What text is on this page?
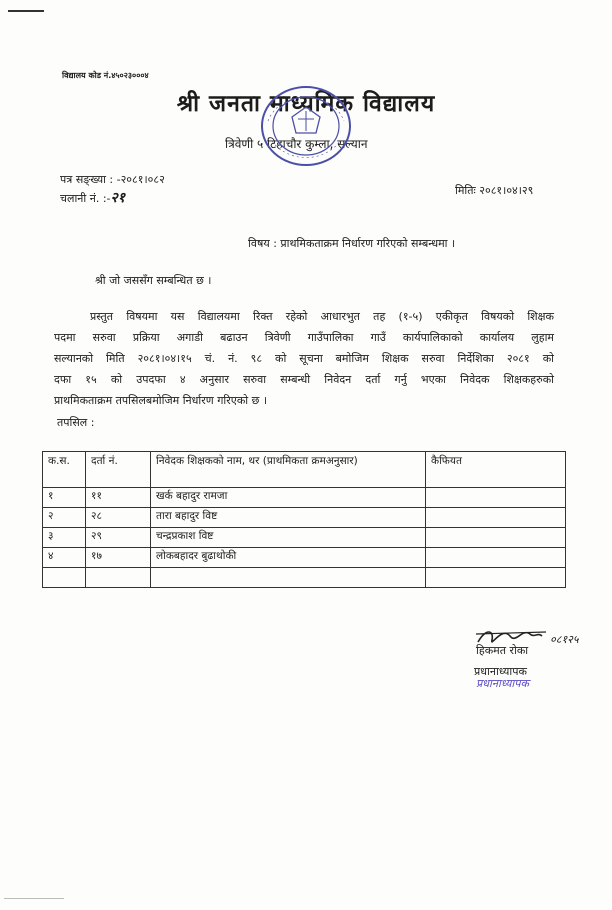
विद्यालय कोड नं.४५०२३०००४
श्री जनता माध्यमिक विद्यालय
त्रिवेणी ५ टिहाचौर कुम्ला, सल्यान
पत्र सङ्ख्या : -२०८१।०८२
चलानी नं. :-२१	मितिः २०८१।०४।२९
विषय : प्राथमिकताक्रम निर्धारण गरिएको सम्बन्धमा ।
श्री जो जससँग सम्बन्धित छ ।
प्रस्तुत विषयमा यस विद्यालयमा रिक्त रहेको आधारभुत तह (१-५) एकीकृत विषयको शिक्षक
पदमा सरुवा प्रक्रिया अगाडी बढाउन त्रिवेणी गाउँपालिका गाउँ कार्यपालिकाको कार्यालय लुहाम
सल्यानको मिति २०८१।०४।१५ चं. नं. ९८ को सूचना बमोजिम शिक्षक सरुवा निर्देशिका २०८१ को
दफा १५ को उपदफा ४ अनुसार सरुवा सम्बन्धी निवेदन दर्ता गर्नु भएका निवेदक शिक्षकहरुको
प्राथमिकताक्रम तपसिलबमोजिम निर्धारण गरिएको छ ।
तपसिल :
क.स.	दर्ता नं.	निवेदक शिक्षकको नाम, थर (प्राथमिकता क्रमअनुसार)	कैफियत
१	११	खर्क बहादुर रामजा	
२	२८	तारा बहादुर विष्ट	
३	२९	चन्द्रप्रकाश विष्ट	
४	१७	लोकबहादर बुढाथोकी	

०८१२५
हिकमत रोका
प्रधानाध्यापक
प्रधानाध्यापक
